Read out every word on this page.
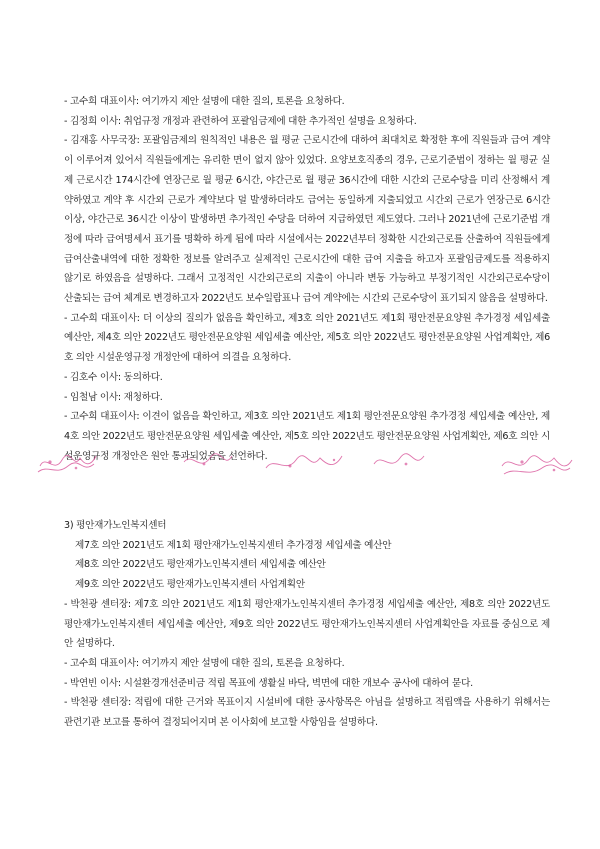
- 고수희 대표이사: 여기까지 제안 설명에 대한 질의, 토론을 요청하다.

- 김정희 이사: 취업규정 개정과 관련하여 포괄임금제에 대한 추가적인 설명을 요청하다.

- 김재홍 사무국장: 포괄임금제의 원칙적인 내용은 월 평균 근로시간에 대하여 최대치로 확정한 후에 직원들과 급여 계약이 이루어져 있어서 직원들에게는 유리한 면이 없지 않아 있었다. 요양보호직종의 경우, 근로기준법이 정하는 월 평균 실제 근로시간 174시간에 연장근로 월 평균 6시간, 야간근로 월 평균 36시간에 대한 시간외 근로수당을 미리 산정해서 계약하였고 계약 후 시간외 근로가 계약보다 덜 발생하더라도 급여는 동일하게 지출되었고 시간외 근로가 연장근로 6시간이상, 야간근로 36시간 이상이 발생하면 추가적인 수당을 더하여 지급하였던 제도였다. 그러나 2021년에 근로기준법 개정에 따라 급여명세서 표기를 명확하 하게 됨에 따라 시설에서는 2022년부터 정확한 시간외근로를 산출하여 직원들에게 급여산출내역에 대한 정확한 정보를 알려주고 실제적인 근로시간에 대한 급여 지출을 하고자 포괄임금제도를 적용하지 않기로 하였음을 설명하다. 그래서 고정적인 시간외근로의 지출이 아니라 변동 가능하고 부정기적인 시간외근로수당이 산출되는 급여 체계로 변경하고자 2022년도 보수일람표나 급여 계약에는 시간외 근로수당이 표기되지 않음을 설명하다.

- 고수희 대표이사: 더 이상의 질의가 없음을 확인하고, 제3호 의안 2021년도 제1회 평안전문요양원 추가경정 세입세출 예산안, 제4호 의안 2022년도 평안전문요양원 세입세출 예산안, 제5호 의안 2022년도 평안전문요양원 사업계획안, 제6호 의안 시설운영규정 개정안에 대하여 의결을 요청하다.

- 김호수 이사: 동의하다.

- 임철남 이사: 재청하다.

- 고수희 대표이사: 이견이 없음을 확인하고, 제3호 의안 2021년도 제1회 평안전문요양원 추가경정 세입세출 예산안, 제4호 의안 2022년도 평안전문요양원 세입세출 예산안, 제5호 의안 2022년도 평안전문요양원 사업계획안, 제6호 의안 시설운영규정 개정안은 원안 통과되었음을 선언하다.

3) 평안재가노인복지센터

제7호 의안 2021년도 제1회 평안재가노인복지센터 추가경정 세입세출 예산안

제8호 의안 2022년도 평안재가노인복지센터 세입세출 예산안

제9호 의안 2022년도 평안재가노인복지센터 사업계획안

- 박천광 센터장: 제7호 의안 2021년도 제1회 평안재가노인복지센터 추가경정 세입세출 예산안, 제8호 의안 2022년도 평안재가노인복지센터 세입세출 예산안, 제9호 의안 2022년도 평안재가노인복지센터 사업계획안을 자료를 중심으로 제안 설명하다.

- 고수희 대표이사: 여기까지 제안 설명에 대한 질의, 토론을 요청하다.

- 박연빈 이사: 시설환경개선준비금 적립 목표에 생활실 바닥, 벽면에 대한 개보수 공사에 대하여 묻다.

- 박천광 센터장: 적립에 대한 근거와 목표이지 시설비에 대한 공사항목은 아님을 설명하고 적립액을 사용하기 위해서는 관련기관 보고를 통하여 결정되어지며 본 이사회에 보고할 사항임을 설명하다.
